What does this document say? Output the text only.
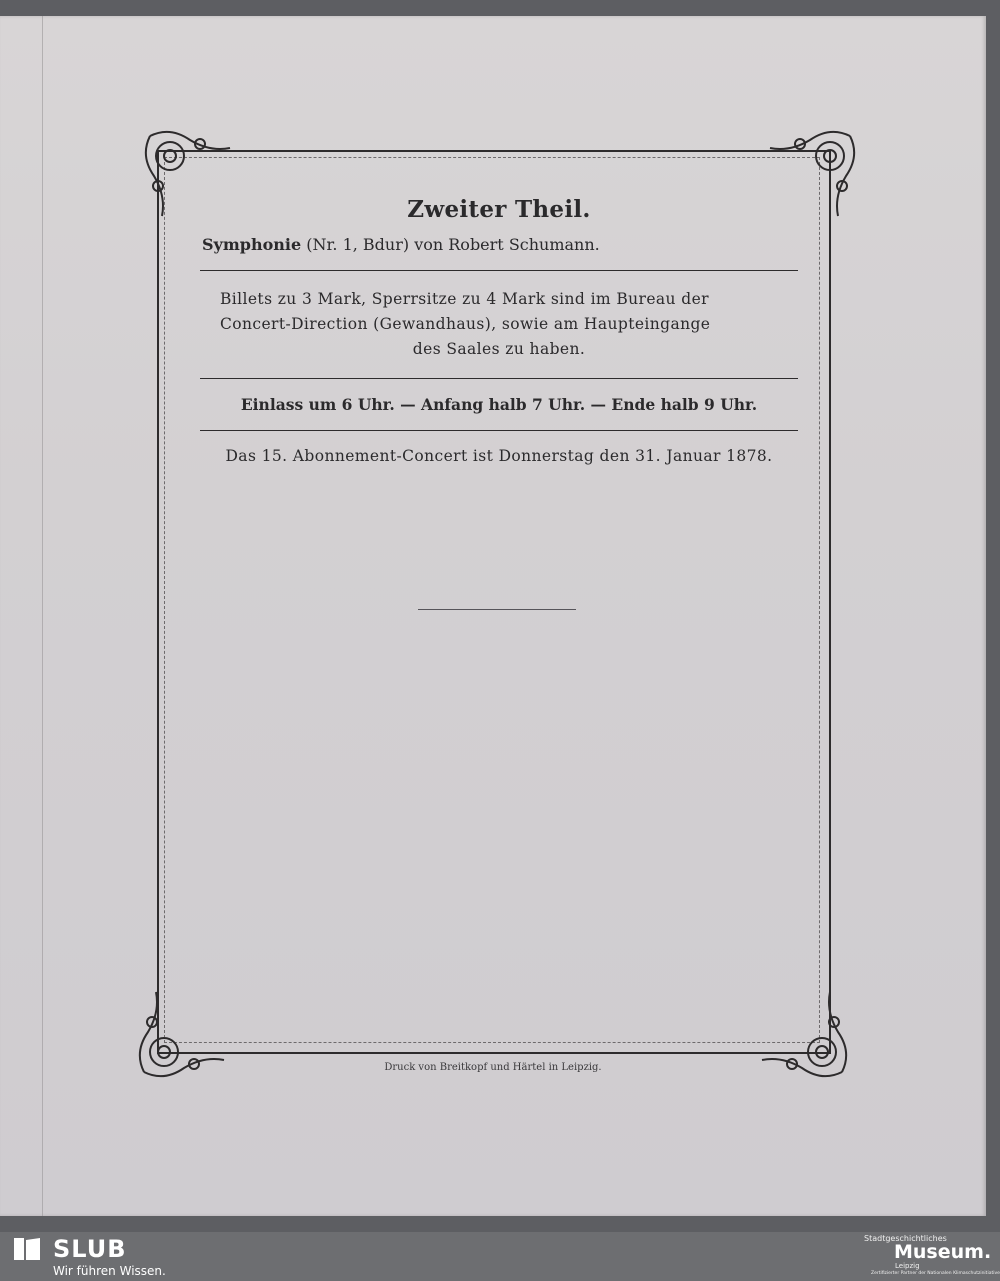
Zweiter Theil.
Symphonie (Nr. 1, Bdur) von Robert Schumann.
Billets zu 3 Mark, Sperrsitze zu 4 Mark sind im Bureau der
Concert-Direction (Gewandhaus), sowie am Haupteingange
des Saales zu haben.
Einlass um 6 Uhr. — Anfang halb 7 Uhr. — Ende halb 9 Uhr.
Das 15. Abonnement-Concert ist Donnerstag den 31. Januar 1878.
Druck von Breitkopf und Härtel in Leipzig.
SLUB
Wir führen Wissen.
Stadtgeschichtliches
Museum.
Leipzig
Zertifizierter Partner der Nationalen Klimaschutzinitiative
